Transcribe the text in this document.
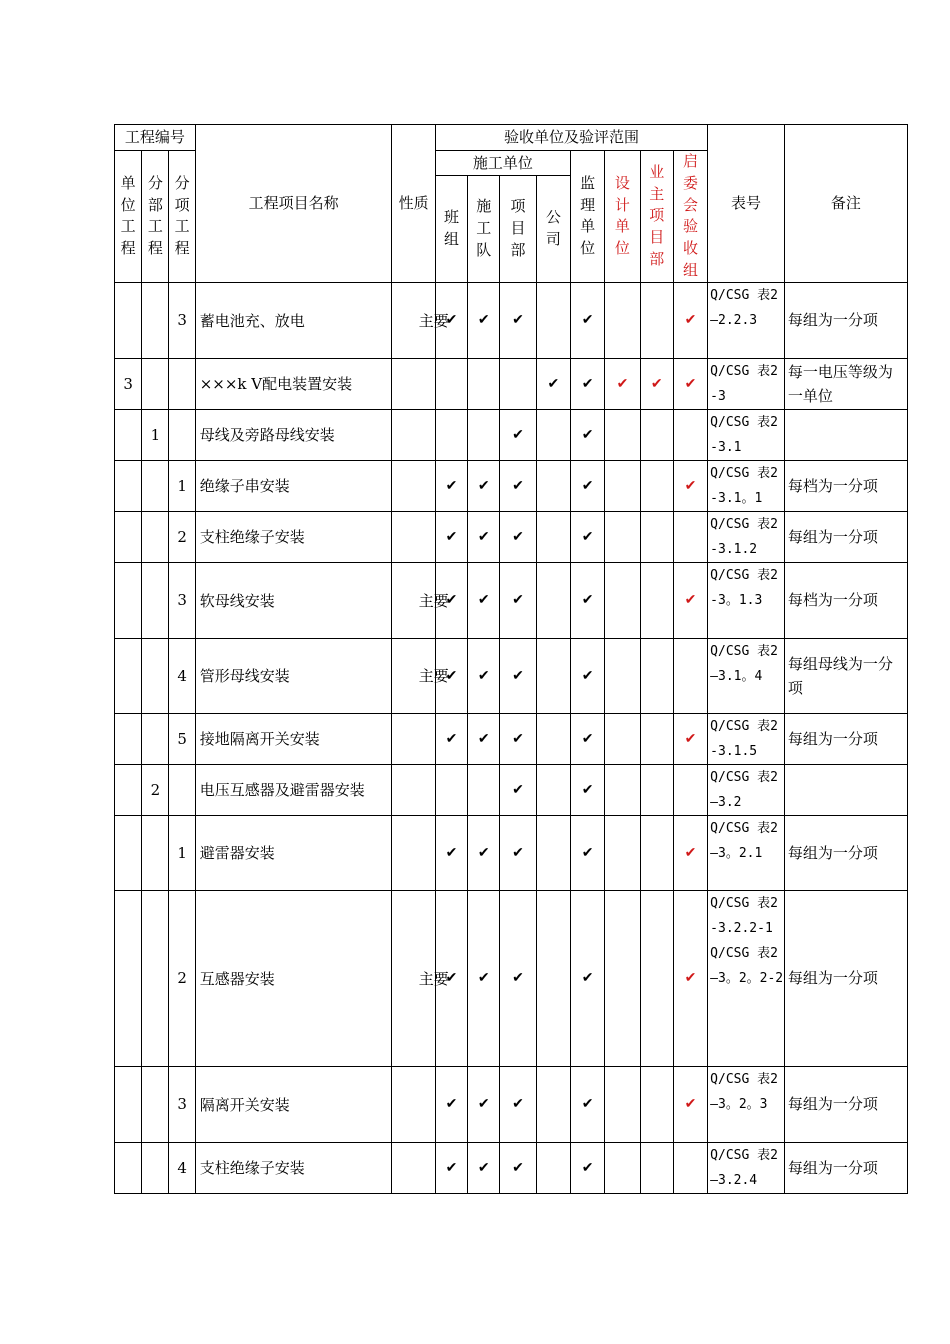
工程编号			工程项目名称	性质	验收单位及验评范围								表号	备注

单位工程	分部工程	分项工程			施工单位				监理单位	设计单位	业主项目部	启委会验收组		

					班组	施工队	项目部	公司						

		3	蓄电池充、放电	主要	✔	✔	✔		✔			✔	Q/CSG 表2—2.2.3	每组为一分项
3			×××k V配电装置安装					✔	✔	✔	✔	✔	Q/CSG 表2-3	每一电压等级为一单位
	1		母线及旁路母线安装				✔		✔				Q/CSG 表2-3.1	
		1	绝缘子串安装		✔	✔	✔		✔			✔	Q/CSG 表2-3.1。1	每档为一分项
		2	支柱绝缘子安装		✔	✔	✔		✔				Q/CSG 表2-3.1.2	每组为一分项
		3	软母线安装	主要	✔	✔	✔		✔			✔	Q/CSG 表2-3。1.3	每档为一分项
		4	管形母线安装	主要	✔	✔	✔		✔				Q/CSG 表2—3.1。4	每组母线为一分项
		5	接地隔离开关安装		✔	✔	✔		✔			✔	Q/CSG 表2-3.1.5	每组为一分项
	2		电压互感器及避雷器安装				✔		✔				Q/CSG 表2—3.2	
		1	避雷器安装		✔	✔	✔		✔			✔	Q/CSG 表2—3。2.1	每组为一分项
		2	互感器安装	主要	✔	✔	✔		✔			✔	Q/CSG 表2-3.2.2-1 Q/CSG 表2—3。2。2-2	每组为一分项
		3	隔离开关安装		✔	✔	✔		✔			✔	Q/CSG 表2—3。2。3	每组为一分项
		4	支柱绝缘子安装		✔	✔	✔		✔				Q/CSG 表2—3.2.4	每组为一分项
